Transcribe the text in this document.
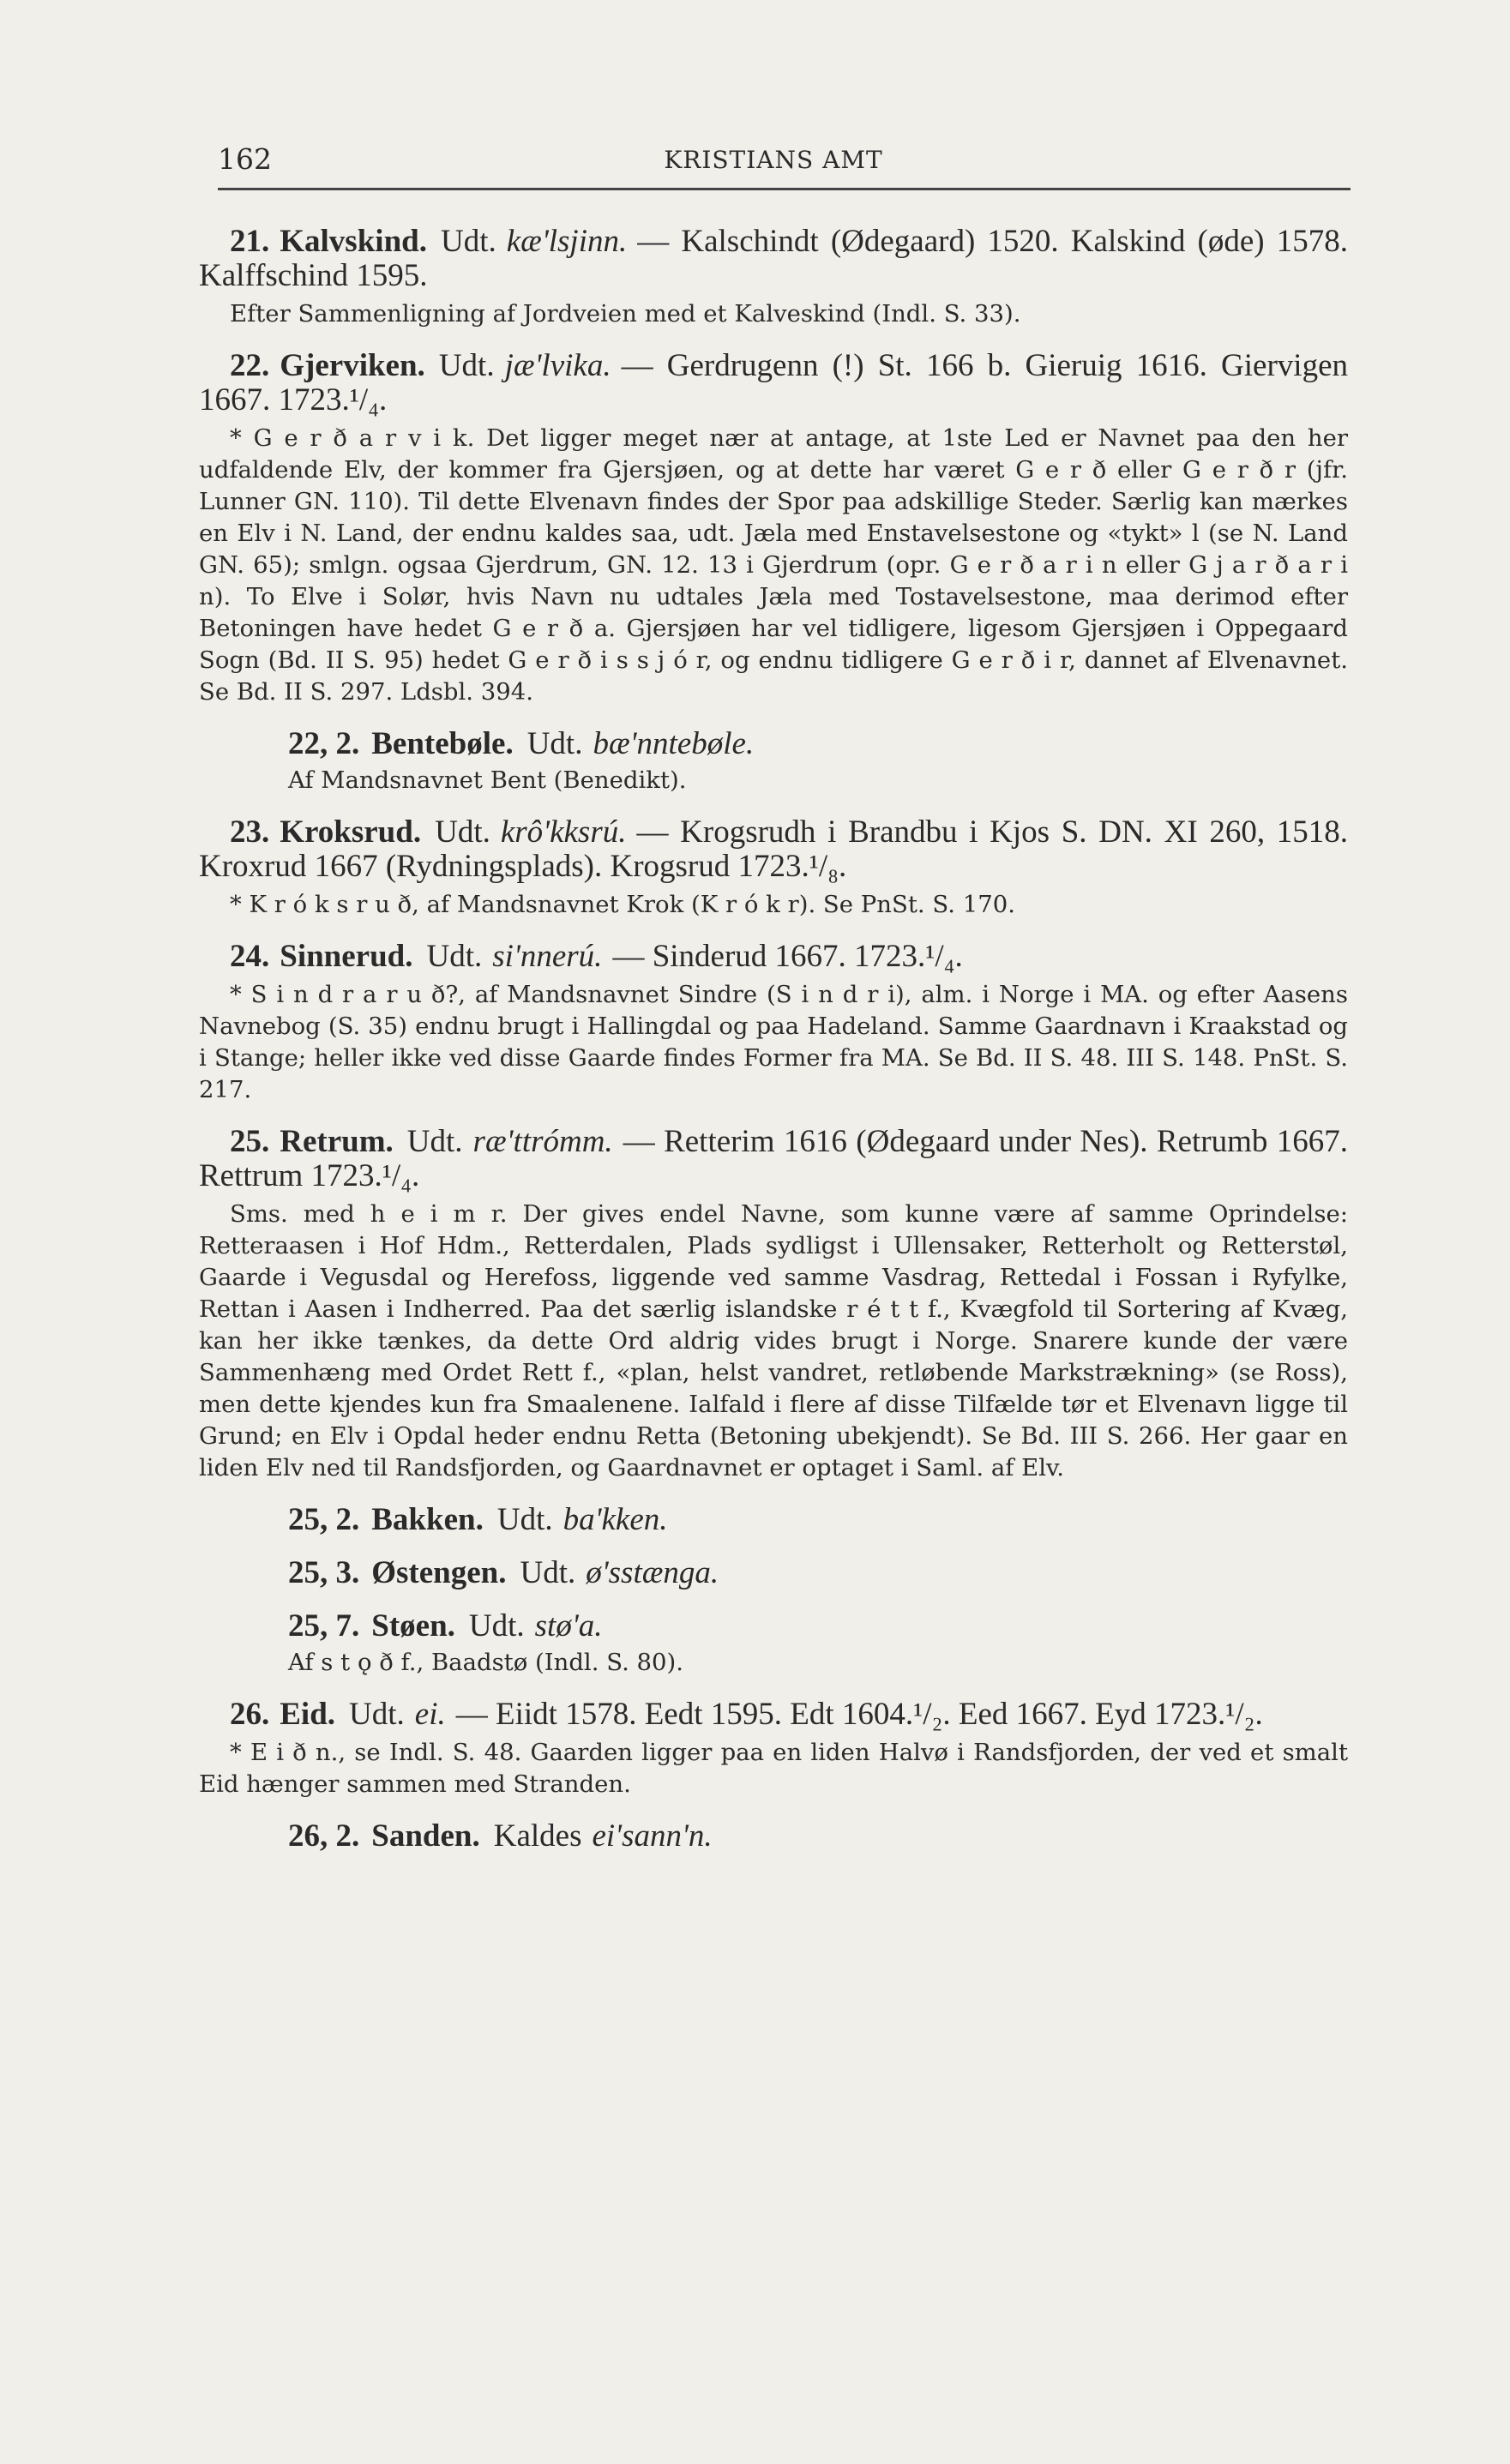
162	KRISTIANS AMT

21. Kalvskind. Udt. kæ'lsjinn. — Kalschindt (Ødegaard) 1520. Kalskind (øde) 1578. Kalffschind 1595.

Efter Sammenligning af Jordveien med et Kalveskind (Indl. S. 33).

22. Gjerviken. Udt. jæ'lvika. — Gerdrugenn (!) St. 166 b. Gieruig 1616. Giervigen 1667. 1723.¹/₄.

* G e r ð a r v i k. Det ligger meget nær at antage, at 1ste Led er Navnet paa den her udfaldende Elv, der kommer fra Gjersjøen, og at dette har været G e r ð eller G e r ð r (jfr. Lunner GN. 110). Til dette Elvenavn findes der Spor paa adskillige Steder. Særlig kan mærkes en Elv i N. Land, der endnu kaldes saa, udt. Jæla med Enstavelsestone og «tykt» l (se N. Land GN. 65); smlgn. ogsaa Gjerdrum, GN. 12. 13 i Gjerdrum (opr. G e r ð a r i n eller G j a r ð a r i n). To Elve i Solør, hvis Navn nu udtales Jæla med Tostavelsestone, maa derimod efter Betoningen have hedet G e r ð a. Gjersjøen har vel tidligere, ligesom Gjersjøen i Oppegaard Sogn (Bd. II S. 95) hedet G e r ð i s s j ó r, og endnu tidligere G e r ð i r, dannet af Elvenavnet. Se Bd. II S. 297. Ldsbl. 394.

22, 2. Bentebøle. Udt. bæ'nntebøle.

Af Mandsnavnet Bent (Benedikt).

23. Kroksrud. Udt. krô'kksrú. — Krogsrudh i Brandbu i Kjos S. DN. XI 260, 1518. Kroxrud 1667 (Rydningsplads). Krogsrud 1723.¹/₈.

* K r ó k s r u ð, af Mandsnavnet Krok (K r ó k r). Se PnSt. S. 170.

24. Sinnerud. Udt. si'nnerú. — Sinderud 1667. 1723.¹/₄.

* S i n d r a r u ð?, af Mandsnavnet Sindre (S i n d r i), alm. i Norge i MA. og efter Aasens Navnebog (S. 35) endnu brugt i Hallingdal og paa Hadeland. Samme Gaardnavn i Kraakstad og i Stange; heller ikke ved disse Gaarde findes Former fra MA. Se Bd. II S. 48. III S. 148. PnSt. S. 217.

25. Retrum. Udt. ræ'ttrómm. — Retterim 1616 (Ødegaard under Nes). Retrumb 1667. Rettrum 1723.¹/₄.

Sms. med h e i m r. Der gives endel Navne, som kunne være af samme Oprindelse: Retteraasen i Hof Hdm., Retterdalen, Plads sydligst i Ullensaker, Retterholt og Retterstøl, Gaarde i Vegusdal og Herefoss, liggende ved samme Vasdrag, Rettedal i Fossan i Ryfylke, Rettan i Aasen i Indherred. Paa det særlig islandske r é t t f., Kvægfold til Sortering af Kvæg, kan her ikke tænkes, da dette Ord aldrig vides brugt i Norge. Snarere kunde der være Sammenhæng med Ordet Rett f., «plan, helst vandret, retløbende Markstrækning» (se Ross), men dette kjendes kun fra Smaalenene. Ialfald i flere af disse Tilfælde tør et Elvenavn ligge til Grund; en Elv i Opdal heder endnu Retta (Betoning ubekjendt). Se Bd. III S. 266. Her gaar en liden Elv ned til Randsfjorden, og Gaardnavnet er optaget i Saml. af Elv.

25, 2. Bakken. Udt. ba'kken.

25, 3. Østengen. Udt. ø'sstænga.

25, 7. Støen. Udt. stø'a.

Af s t ǫ ð f., Baadstø (Indl. S. 80).

26. Eid. Udt. ei. — Eiidt 1578. Eedt 1595. Edt 1604.¹/₂. Eed 1667. Eyd 1723.¹/₂.

* E i ð n., se Indl. S. 48. Gaarden ligger paa en liden Halvø i Randsfjorden, der ved et smalt Eid hænger sammen med Stranden.

26, 2. Sanden. Kaldes ei'sann'n.
